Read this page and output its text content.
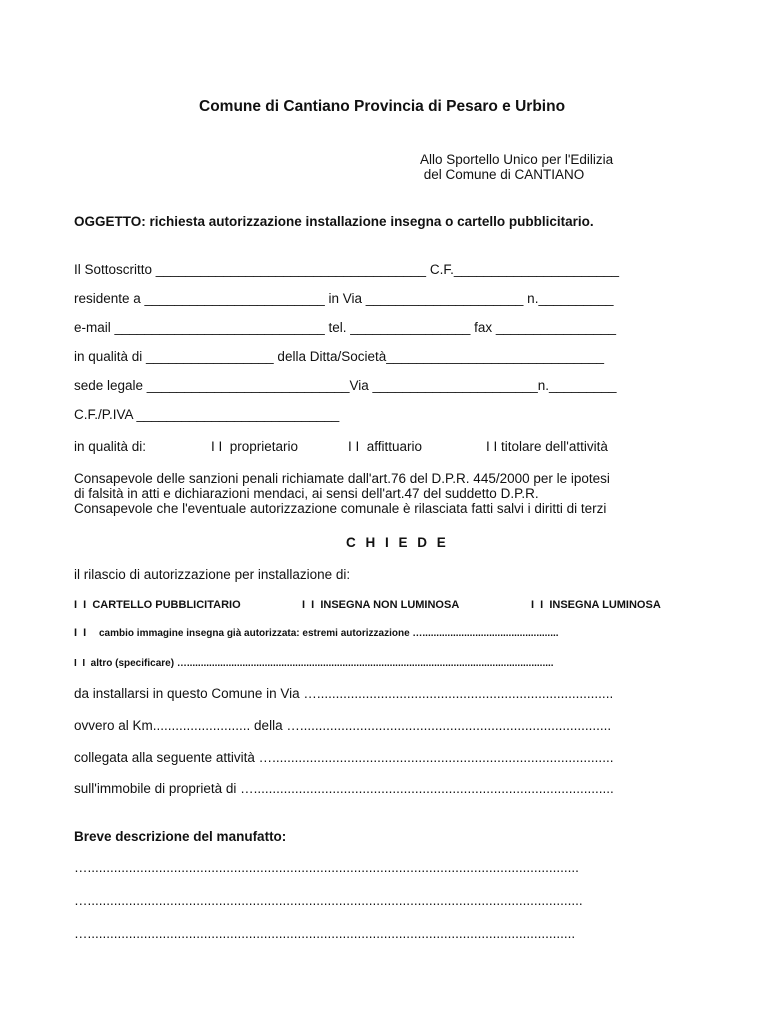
Comune di Cantiano Provincia di Pesaro e Urbino
Allo Sportello Unico per l'Edilizia
del Comune di CANTIANO
OGGETTO: richiesta autorizzazione installazione insegna o cartello pubblicitario.
Il Sottoscritto ____________________________________ C.F.______________________
residente a ________________________ in Via _____________________ n.__________
e-mail ____________________________ tel. ________________ fax ________________
in qualità di _________________ della Ditta/Società_____________________________
sede legale ___________________________Via ______________________n._________
C.F./P.IVA ___________________________
in qualità di:	I I  proprietario	I I  affittuario	I I titolare dell'attività
Consapevole delle sanzioni penali richiamate dall'art.76 del D.P.R. 445/2000 per le ipotesi
di falsità in atti e dichiarazioni mendaci, ai sensi dell'art.47 del suddetto D.P.R.
Consapevole che l'eventuale autorizzazione comunale è rilasciata fatti salvi i diritti di terzi
C H I E D E
il rilascio di autorizzazione per installazione di:
I  I  CARTELLO PUBBLICITARIO	I  I  INSEGNA NON LUMINOSA	I  I  INSEGNA LUMINOSA
I  I cambio immagine insegna già autorizzata: estremi autorizzazione ….................................................
I  I  altro (specificare) …....................................................................................................................................
da installarsi in questo Comune in Via …...............................................................................
ovvero al Km.......................... della …...................................................................................
collegata alla seguente attività …...........................................................................................
sull'immobile di proprietà di …................................................................................................
Breve descrizione del manufatto:
…...................................................................................................................................
…....................................................................................................................................
…..................................................................................................................................
